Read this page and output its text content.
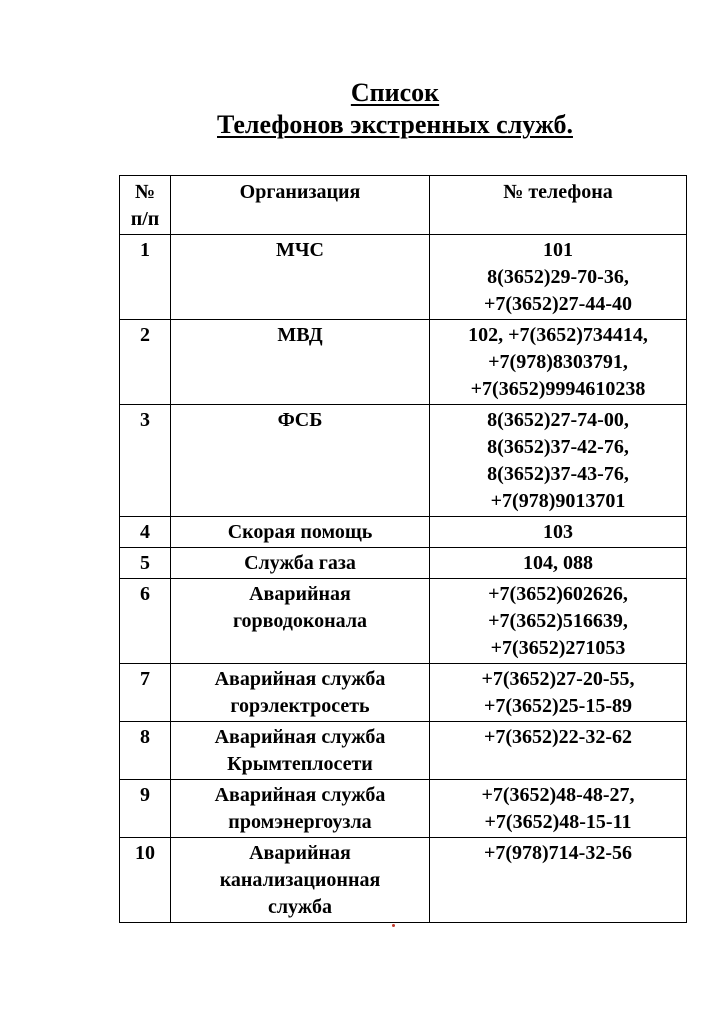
Список
Телефонов экстренных служб.
№ п/п	Организация	№ телефона
1	МЧС	101
8(3652)29-70-36,
+7(3652)27-44-40

2	МВД	102, +7(3652)734414,
+7(978)8303791,
+7(3652)9994610238

3	ФСБ	8(3652)27-74-00,
8(3652)37-42-76,
8(3652)37-43-76,
+7(978)9013701

4	Скорая помощь	103

5	Служба газа	104, 088

6	Аварийная
горводоконала	+7(3652)602626,
+7(3652)516639,
+7(3652)271053

7	Аварийная служба
горэлектросеть	+7(3652)27-20-55,
+7(3652)25-15-89

8	Аварийная служба
Крымтеплосети	+7(3652)22-32-62

9	Аварийная служба
промэнергоузла	+7(3652)48-48-27,
+7(3652)48-15-11

10	Аварийная
канализационная
служба	+7(978)714-32-56
